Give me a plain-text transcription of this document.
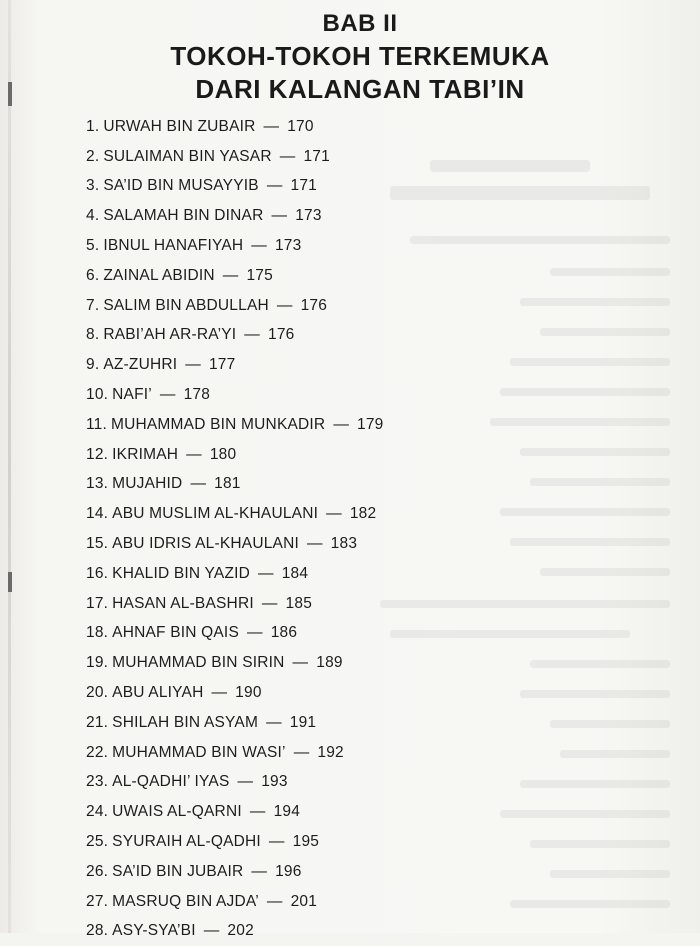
BAB II
TOKOH-TOKOH TERKEMUKA
DARI KALANGAN TABI’IN
1. URWAH BIN ZUBAIR — 170
2. SULAIMAN BIN YASAR — 171
3. SA’ID BIN MUSAYYIB — 171
4. SALAMAH BIN DINAR — 173
5. IBNUL HANAFIYAH — 173
6. ZAINAL ABIDIN — 175
7. SALIM BIN ABDULLAH — 176
8. RABI’AH AR-RA’YI — 176
9. AZ-ZUHRI — 177
10. NAFI’ — 178
11. MUHAMMAD BIN MUNKADIR — 179
12. IKRIMAH — 180
13. MUJAHID — 181
14. ABU MUSLIM AL-KHAULANI — 182
15. ABU IDRIS AL-KHAULANI — 183
16. KHALID BIN YAZID — 184
17. HASAN AL-BASHRI — 185
18. AHNAF BIN QAIS — 186
19. MUHAMMAD BIN SIRIN — 189
20. ABU ALIYAH — 190
21. SHILAH BIN ASYAM — 191
22. MUHAMMAD BIN WASI’ — 192
23. AL-QADHI’ IYAS — 193
24. UWAIS AL-QARNI — 194
25. SYURAIH AL-QADHI — 195
26. SA’ID BIN JUBAIR — 196
27. MASRUQ BIN AJDA’ — 201
28. ASY-SYA’BI — 202
